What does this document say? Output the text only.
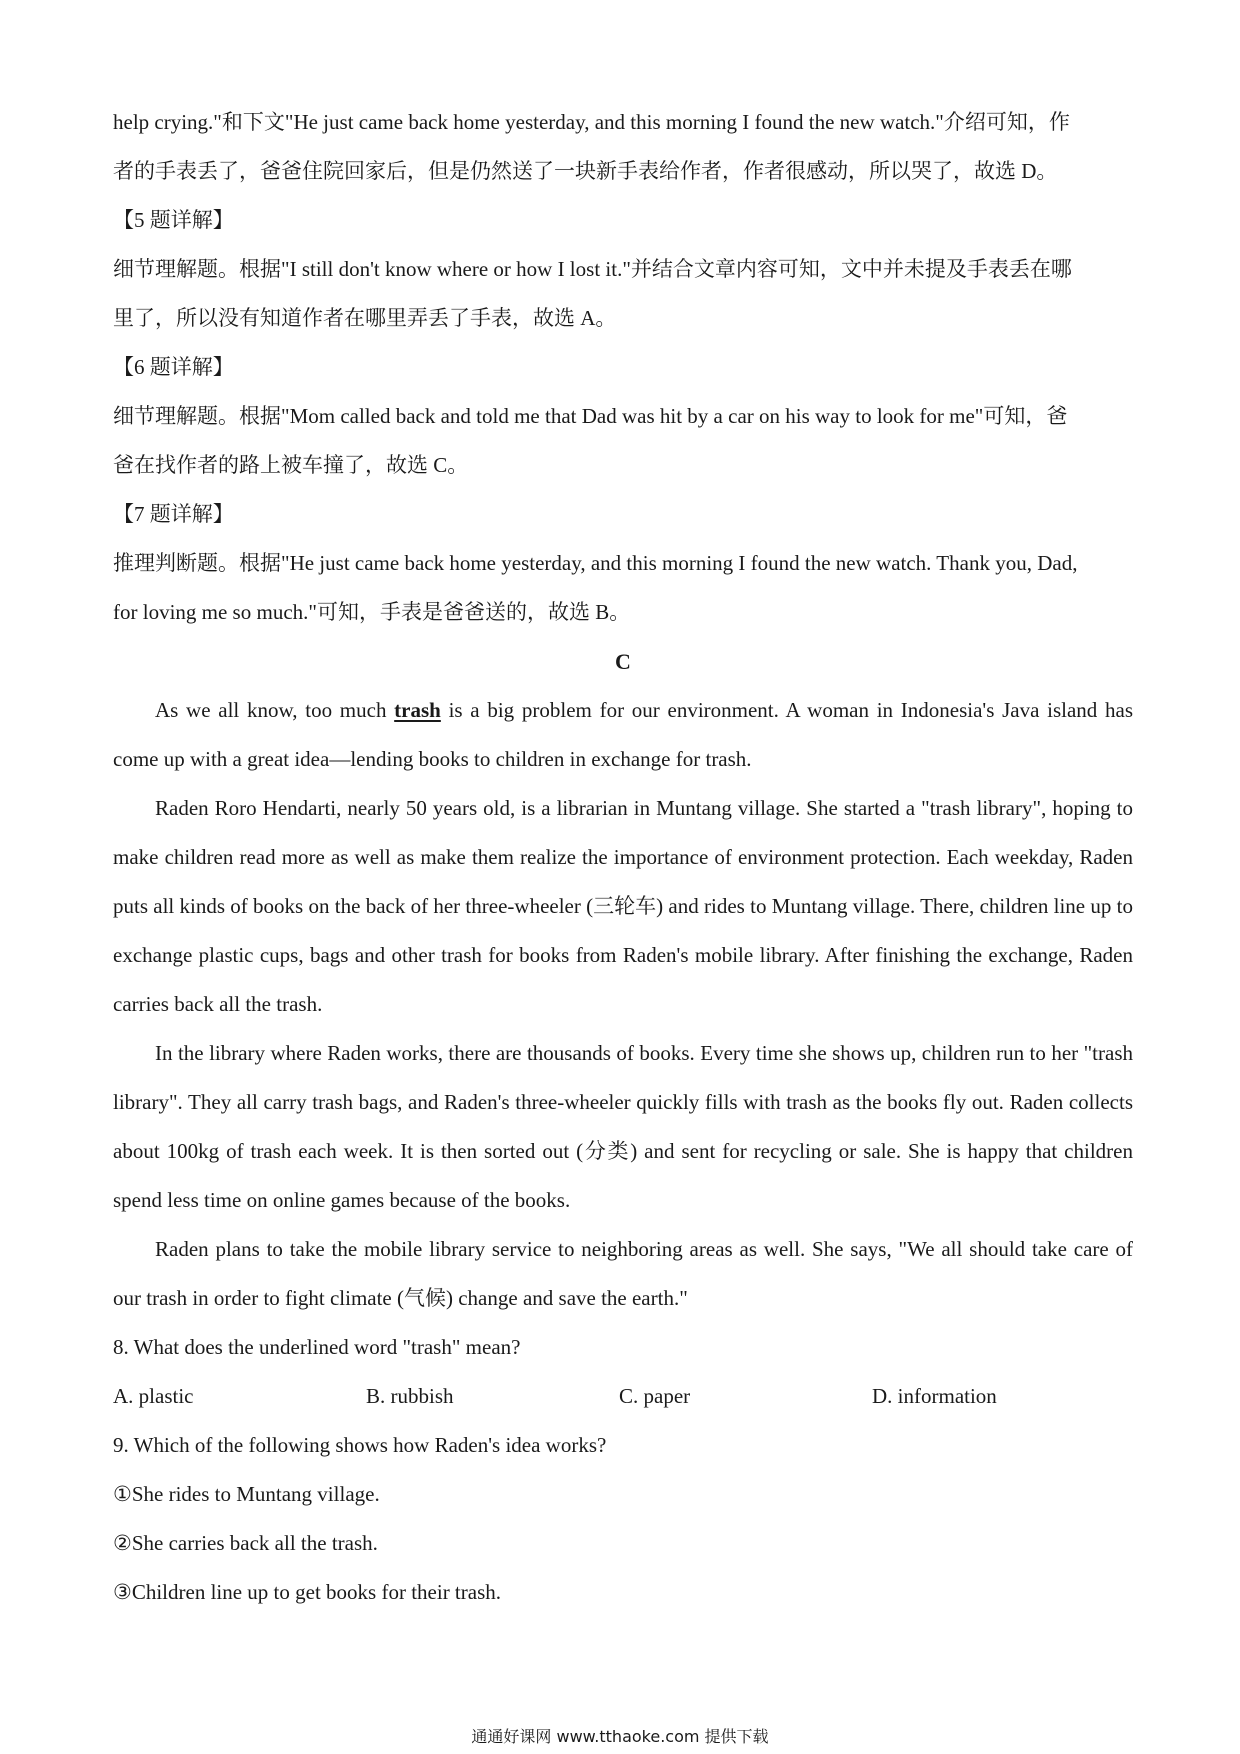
help crying."和下文"He just came back home yesterday, and this morning I found the new watch."介绍可知，作

者的手表丢了，爸爸住院回家后，但是仍然送了一块新手表给作者，作者很感动，所以哭了，故选 D。

【5 题详解】

细节理解题。根据"I still don't know where or how I lost it."并结合文章内容可知，文中并未提及手表丢在哪

里了，所以没有知道作者在哪里弄丢了手表，故选 A。

【6 题详解】

细节理解题。根据"Mom called back and told me that Dad was hit by a car on his way to look for me"可知，爸

爸在找作者的路上被车撞了，故选 C。

【7 题详解】

推理判断题。根据"He just came back home yesterday, and this morning I found the new watch. Thank you, Dad,

for loving me so much."可知，手表是爸爸送的，故选 B。

C

As we all know, too much trash is a big problem for our environment. A woman in Indonesia's Java island has come up with a great idea—lending books to children in exchange for trash.

Raden Roro Hendarti, nearly 50 years old, is a librarian in Muntang village. She started a "trash library", hoping to make children read more as well as make them realize the importance of environment protection. Each weekday, Raden puts all kinds of books on the back of her three-wheeler (三轮车) and rides to Muntang village. There, children line up to exchange plastic cups, bags and other trash for books from Raden's mobile library. After finishing the exchange, Raden carries back all the trash.

In the library where Raden works, there are thousands of books. Every time she shows up, children run to her "trash library". They all carry trash bags, and Raden's three-wheeler quickly fills with trash as the books fly out. Raden collects about 100kg of trash each week. It is then sorted out (分类) and sent for recycling or sale. She is happy that children spend less time on online games because of the books.

Raden plans to take the mobile library service to neighboring areas as well. She says, "We all should take care of our trash in order to fight climate (气候) change and save the earth."

8. What does the underlined word "trash" mean?

A. plastic	B. rubbish	C. paper	D. information

9. Which of the following shows how Raden's idea works?

①She rides to Muntang village.

②She carries back all the trash.

③Children line up to get books for their trash.

通通好课网 www.tthaoke.com 提供下载
